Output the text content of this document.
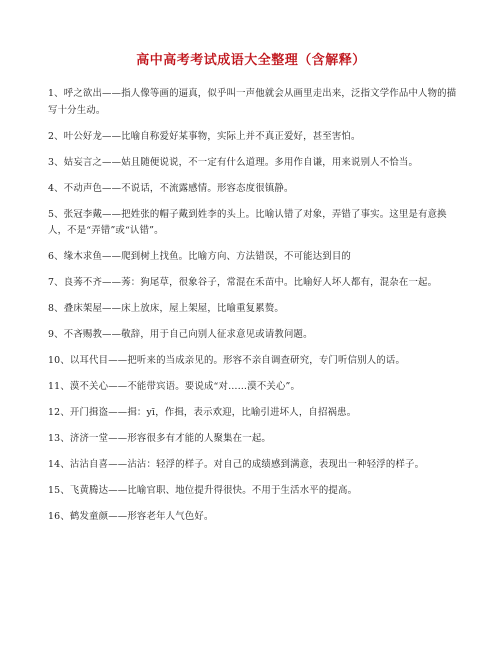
高中高考考试成语大全整理（含解释）

1、呼之欲出——指人像等画的逼真，似乎叫一声他就会从画里走出来，泛指文学作品中人物的描写十分生动。

2、叶公好龙——比喻自称爱好某事物，实际上并不真正爱好，甚至害怕。

3、姑妄言之——姑且随便说说，不一定有什么道理。多用作自谦，用来说别人不恰当。

4、不动声色——不说话，不流露感情。形容态度很镇静。

5、张冠李戴——把姓张的帽子戴到姓李的头上。比喻认错了对象，弄错了事实。这里是有意换人，不是“弄错”或“认错”。

6、缘木求鱼——爬到树上找鱼。比喻方向、方法错误，不可能达到目的

7、良莠不齐——莠：狗尾草，很象谷子，常混在禾苗中。比喻好人坏人都有，混杂在一起。

8、叠床架屋——床上放床，屋上架屋，比喻重复累赘。

9、不吝赐教——敬辞，用于自己向别人征求意见或请教问题。

10、以耳代目——把听来的当成亲见的。形容不亲自调查研究，专门听信别人的话。

11、漠不关心——不能带宾语。要说成“对……漠不关心”。

12、开门揖盗——揖：yī，作揖，表示欢迎，比喻引进坏人，自招祸患。

13、济济一堂——形容很多有才能的人聚集在一起。

14、沾沾自喜——沾沾：轻浮的样子。对自己的成绩感到满意，表现出一种轻浮的样子。

15、飞黄腾达——比喻官职、地位提升得很快。不用于生活水平的提高。

16、鹤发童颜——形容老年人气色好。
